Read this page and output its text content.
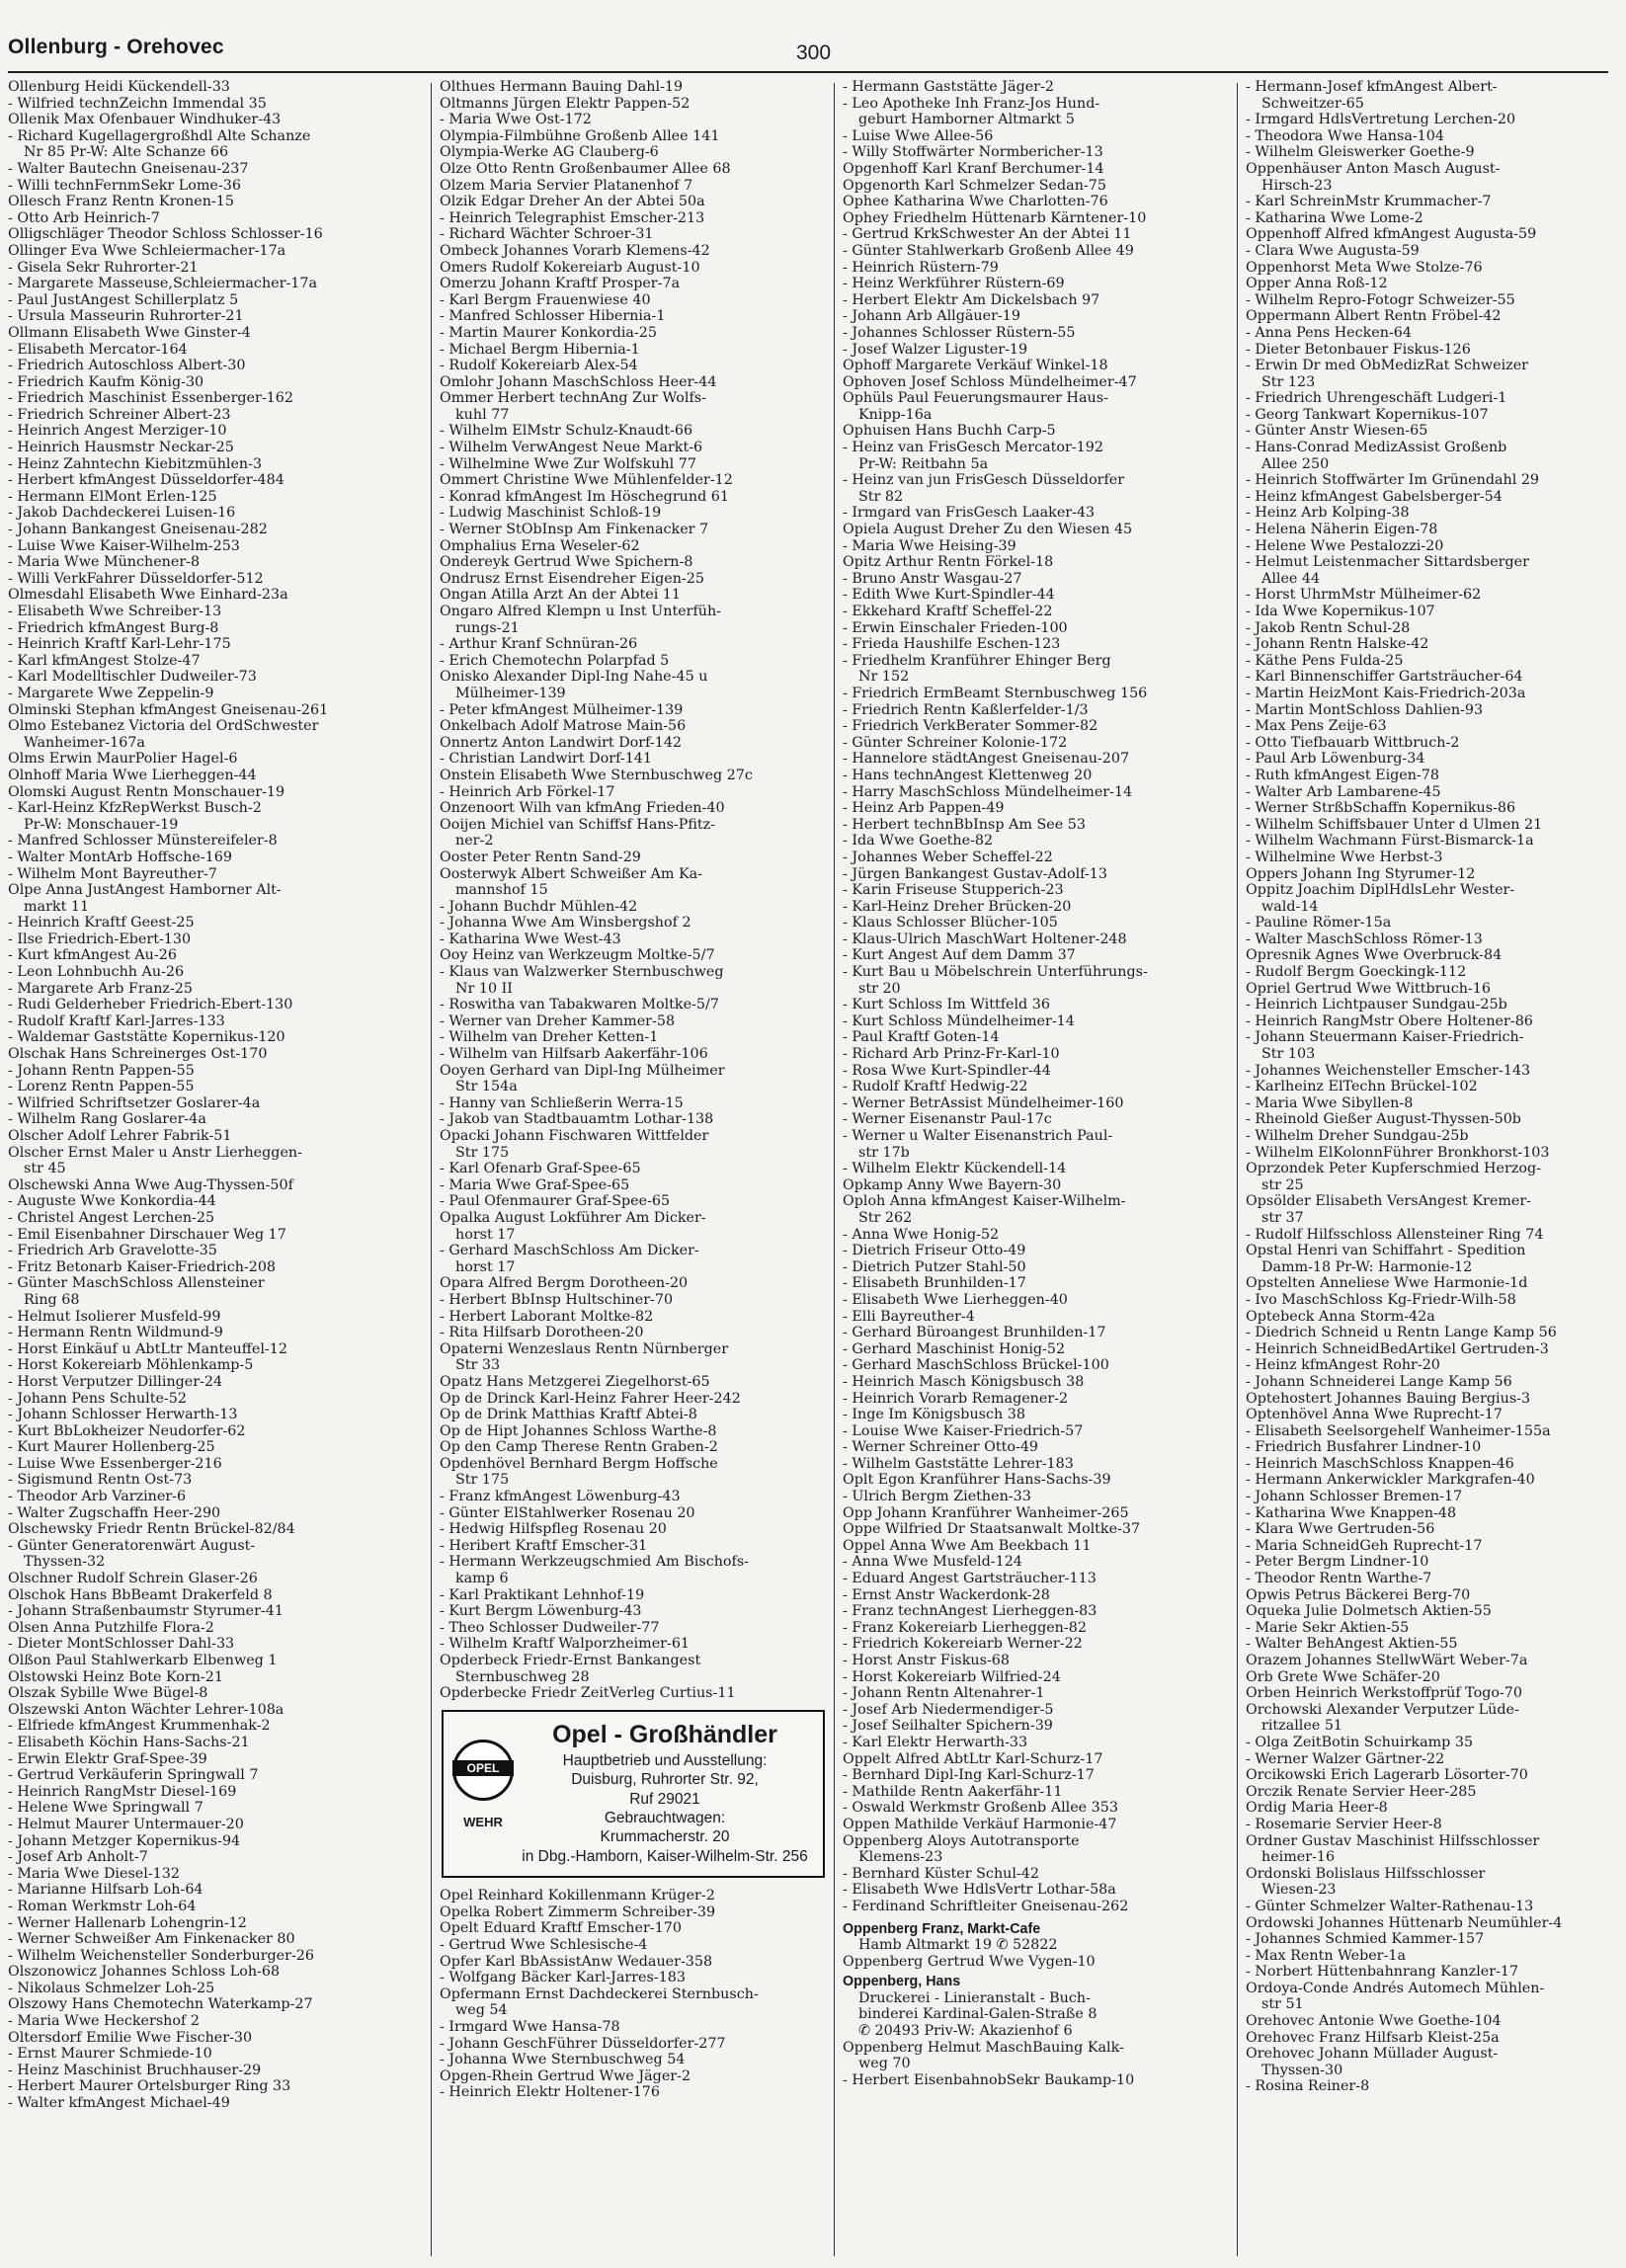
Ollenburg - Orehovec	300
Ollenburg Heidi Kückendell-33
- Wilfried technZeichn Immendal 35
Ollenik Max Ofenbauer Windhuker-43
- Richard Kugellagergroßhdl Alte Schanze
Nr 85 Pr-W: Alte Schanze 66
- Walter Bautechn Gneisenau-237
- Willi technFernmSekr Lome-36
Ollesch Franz Rentn Kronen-15
- Otto Arb Heinrich-7
Olligschläger Theodor Schloss Schlosser-16
Ollinger Eva Wwe Schleiermacher-17a
- Gisela Sekr Ruhrorter-21
- Margarete Masseuse,Schleiermacher-17a
- Paul JustAngest Schillerplatz 5
- Ursula Masseurin Ruhrorter-21
Ollmann Elisabeth Wwe Ginster-4
- Elisabeth Mercator-164
- Friedrich Autoschloss Albert-30
- Friedrich Kaufm König-30
- Friedrich Maschinist Essenberger-162
- Friedrich Schreiner Albert-23
- Heinrich Angest Merziger-10
- Heinrich Hausmstr Neckar-25
- Heinz Zahntechn Kiebitzmühlen-3
- Herbert kfmAngest Düsseldorfer-484
- Hermann ElMont Erlen-125
- Jakob Dachdeckerei Luisen-16
- Johann Bankangest Gneisenau-282
- Luise Wwe Kaiser-Wilhelm-253
- Maria Wwe Münchener-8
- Willi VerkFahrer Düsseldorfer-512
Olmesdahl Elisabeth Wwe Einhard-23a
- Elisabeth Wwe Schreiber-13
- Friedrich kfmAngest Burg-8
- Heinrich Kraftf Karl-Lehr-175
- Karl kfmAngest Stolze-47
- Karl Modelltischler Dudweiler-73
- Margarete Wwe Zeppelin-9
Olminski Stephan kfmAngest Gneisenau-261
Olmo Estebanez Victoria del OrdSchwester
Wanheimer-167a
Olms Erwin MaurPolier Hagel-6
Olnhoff Maria Wwe Lierheggen-44
Olomski August Rentn Monschauer-19
- Karl-Heinz KfzRepWerkst Busch-2
Pr-W: Monschauer-19
- Manfred Schlosser Münstereifeler-8
- Walter MontArb Hoffsche-169
- Wilhelm Mont Bayreuther-7
Olpe Anna JustAngest Hamborner Alt-
markt 11
- Heinrich Kraftf Geest-25
- Ilse Friedrich-Ebert-130
- Kurt kfmAngest Au-26
- Leon Lohnbuchh Au-26
- Margarete Arb Franz-25
- Rudi Gelderheber Friedrich-Ebert-130
- Rudolf Kraftf Karl-Jarres-133
- Waldemar Gaststätte Kopernikus-120
Olschak Hans Schreinerges Ost-170
- Johann Rentn Pappen-55
- Lorenz Rentn Pappen-55
- Wilfried Schriftsetzer Goslarer-4a
- Wilhelm Rang Goslarer-4a
Olscher Adolf Lehrer Fabrik-51
Olscher Ernst Maler u Anstr Lierheggen-
str 45
Olschewski Anna Wwe Aug-Thyssen-50f
- Auguste Wwe Konkordia-44
- Christel Angest Lerchen-25
- Emil Eisenbahner Dirschauer Weg 17
- Friedrich Arb Gravelotte-35
- Fritz Betonarb Kaiser-Friedrich-208
- Günter MaschSchloss Allensteiner
Ring 68
- Helmut Isolierer Musfeld-99
- Hermann Rentn Wildmund-9
- Horst Einkäuf u AbtLtr Manteuffel-12
- Horst Kokereiarb Möhlenkamp-5
- Horst Verputzer Dillinger-24
- Johann Pens Schulte-52
- Johann Schlosser Herwarth-13
- Kurt BbLokheizer Neudorfer-62
- Kurt Maurer Hollenberg-25
- Luise Wwe Essenberger-216
- Sigismund Rentn Ost-73
- Theodor Arb Varziner-6
- Walter Zugschaffn Heer-290
Olschewsky Friedr Rentn Brückel-82/84
- Günter Generatorenwärt August-
Thyssen-32
Olschner Rudolf Schrein Glaser-26
Olschok Hans BbBeamt Drakerfeld 8
- Johann Straßenbaumstr Styrumer-41
Olsen Anna Putzhilfe Flora-2
- Dieter MontSchlosser Dahl-33
Olßon Paul Stahlwerkarb Elbenweg 1
Olstowski Heinz Bote Korn-21
Olszak Sybille Wwe Bügel-8
Olszewski Anton Wächter Lehrer-108a
- Elfriede kfmAngest Krummenhak-2
- Elisabeth Köchin Hans-Sachs-21
- Erwin Elektr Graf-Spee-39
- Gertrud Verkäuferin Springwall 7
- Heinrich RangMstr Diesel-169
- Helene Wwe Springwall 7
- Helmut Maurer Untermauer-20
- Johann Metzger Kopernikus-94
- Josef Arb Anholt-7
- Maria Wwe Diesel-132
- Marianne Hilfsarb Loh-64
- Roman Werkmstr Loh-64
- Werner Hallenarb Lohengrin-12
- Werner Schweißer Am Finkenacker 80
- Wilhelm Weichensteller Sonderburger-26
Olszonowicz Johannes Schloss Loh-68
- Nikolaus Schmelzer Loh-25
Olszowy Hans Chemotechn Waterkamp-27
- Maria Wwe Heckershof 2
Oltersdorf Emilie Wwe Fischer-30
- Ernst Maurer Schmiede-10
- Heinz Maschinist Bruchhauser-29
- Herbert Maurer Ortelsburger Ring 33
- Walter kfmAngest Michael-49
Olthues Hermann Bauing Dahl-19
Oltmanns Jürgen Elektr Pappen-52
- Maria Wwe Ost-172
Olympia-Filmbühne Großenb Allee 141
Olympia-Werke AG Clauberg-6
Olze Otto Rentn Großenbaumer Allee 68
Olzem Maria Servier Platanenhof 7
Olzik Edgar Dreher An der Abtei 50a
- Heinrich Telegraphist Emscher-213
- Richard Wächter Schroer-31
Ombeck Johannes Vorarb Klemens-42
Omers Rudolf Kokereiarb August-10
Omerzu Johann Kraftf Prosper-7a
- Karl Bergm Frauenwiese 40
- Manfred Schlosser Hibernia-1
- Martin Maurer Konkordia-25
- Michael Bergm Hibernia-1
- Rudolf Kokereiarb Alex-54
Omlohr Johann MaschSchloss Heer-44
Ommer Herbert technAng Zur Wolfs-
kuhl 77
- Wilhelm ElMstr Schulz-Knaudt-66
- Wilhelm VerwAngest Neue Markt-6
- Wilhelmine Wwe Zur Wolfskuhl 77
Ommert Christine Wwe Mühlenfelder-12
- Konrad kfmAngest Im Höschegrund 61
- Ludwig Maschinist Schloß-19
- Werner StObInsp Am Finkenacker 7
Omphalius Erna Weseler-62
Ondereyk Gertrud Wwe Spichern-8
Ondrusz Ernst Eisendreher Eigen-25
Ongan Atilla Arzt An der Abtei 11
Ongaro Alfred Klempn u Inst Unterfüh-
rungs-21
- Arthur Kranf Schnüran-26
- Erich Chemotechn Polarpfad 5
Onisko Alexander Dipl-Ing Nahe-45 u
Mülheimer-139
- Peter kfmAngest Mülheimer-139
Onkelbach Adolf Matrose Main-56
Onnertz Anton Landwirt Dorf-142
- Christian Landwirt Dorf-141
Onstein Elisabeth Wwe Sternbuschweg 27c
- Heinrich Arb Förkel-17
Onzenoort Wilh van kfmAng Frieden-40
Ooijen Michiel van Schiffsf Hans-Pfitz-
ner-2
Ooster Peter Rentn Sand-29
Oosterwyk Albert Schweißer Am Ka-
mannshof 15
- Johann Buchdr Mühlen-42
- Johanna Wwe Am Winsbergshof 2
- Katharina Wwe West-43
Ooy Heinz van Werkzeugm Moltke-5/7
- Klaus van Walzwerker Sternbuschweg
Nr 10 II
- Roswitha van Tabakwaren Moltke-5/7
- Werner van Dreher Kammer-58
- Wilhelm van Dreher Ketten-1
- Wilhelm van Hilfsarb Aakerfähr-106
Ooyen Gerhard van Dipl-Ing Mülheimer
Str 154a
- Hanny van Schließerin Werra-15
- Jakob van Stadtbauamtm Lothar-138
Opacki Johann Fischwaren Wittfelder
Str 175
- Karl Ofenarb Graf-Spee-65
- Maria Wwe Graf-Spee-65
- Paul Ofenmaurer Graf-Spee-65
Opalka August Lokführer Am Dicker-
horst 17
- Gerhard MaschSchloss Am Dicker-
horst 17
Opara Alfred Bergm Dorotheen-20
- Herbert BbInsp Hultschiner-70
- Herbert Laborant Moltke-82
- Rita Hilfsarb Dorotheen-20
Opaterni Wenzeslaus Rentn Nürnberger
Str 33
Opatz Hans Metzgerei Ziegelhorst-65
Op de Drinck Karl-Heinz Fahrer Heer-242
Op de Drink Matthias Kraftf Abtei-8
Op de Hipt Johannes Schloss Warthe-8
Op den Camp Therese Rentn Graben-2
Opdenhövel Bernhard Bergm Hoffsche
Str 175
- Franz kfmAngest Löwenburg-43
- Günter ElStahlwerker Rosenau 20
- Hedwig Hilfspfleg Rosenau 20
- Heribert Kraftf Emscher-31
- Hermann Werkzeugschmied Am Bischofs-
kamp 6
- Karl Praktikant Lehnhof-19
- Kurt Bergm Löwenburg-43
- Theo Schlosser Dudweiler-77
- Wilhelm Kraftf Walporzheimer-61
Opderbeck Friedr-Ernst Bankangest
Sternbuschweg 28
Opderbecke Friedr ZeitVerleg Curtius-11
OPEL
WEHR
Opel - Großhändler
Hauptbetrieb und Ausstellung:
Duisburg, Ruhrorter Str. 92,
Ruf 29021
Gebrauchtwagen:
Krummacherstr. 20
in Dbg.-Hamborn, Kaiser-Wilhelm-Str. 256
Opel Reinhard Kokillenmann Krüger-2
Opelka Robert Zimmerm Schreiber-39
Opelt Eduard Kraftf Emscher-170
- Gertrud Wwe Schlesische-4
Opfer Karl BbAssistAnw Wedauer-358
- Wolfgang Bäcker Karl-Jarres-183
Opfermann Ernst Dachdeckerei Sternbusch-
weg 54
- Irmgard Wwe Hansa-78
- Johann GeschFührer Düsseldorfer-277
- Johanna Wwe Sternbuschweg 54
Opgen-Rhein Gertrud Wwe Jäger-2
- Heinrich Elektr Holtener-176
- Hermann Gaststätte Jäger-2
- Leo Apotheke Inh Franz-Jos Hund-
geburt Hamborner Altmarkt 5
- Luise Wwe Allee-56
- Willy Stoffwärter Normbericher-13
Opgenhoff Karl Kranf Berchumer-14
Opgenorth Karl Schmelzer Sedan-75
Ophee Katharina Wwe Charlotten-76
Ophey Friedhelm Hüttenarb Kärntener-10
- Gertrud KrkSchwester An der Abtei 11
- Günter Stahlwerkarb Großenb Allee 49
- Heinrich Rüstern-79
- Heinz Werkführer Rüstern-69
- Herbert Elektr Am Dickelsbach 97
- Johann Arb Allgäuer-19
- Johannes Schlosser Rüstern-55
- Josef Walzer Liguster-19
Ophoff Margarete Verkäuf Winkel-18
Ophoven Josef Schloss Mündelheimer-47
Ophüls Paul Feuerungsmaurer Haus-
Knipp-16a
Ophuisen Hans Buchh Carp-5
- Heinz van FrisGesch Mercator-192
Pr-W: Reitbahn 5a
- Heinz van jun FrisGesch Düsseldorfer
Str 82
- Irmgard van FrisGesch Laaker-43
Opiela August Dreher Zu den Wiesen 45
- Maria Wwe Heising-39
Opitz Arthur Rentn Förkel-18
- Bruno Anstr Wasgau-27
- Edith Wwe Kurt-Spindler-44
- Ekkehard Kraftf Scheffel-22
- Erwin Einschaler Frieden-100
- Frieda Haushilfe Eschen-123
- Friedhelm Kranführer Ehinger Berg
Nr 152
- Friedrich ErmBeamt Sternbuschweg 156
- Friedrich Rentn Kaßlerfelder-1/3
- Friedrich VerkBerater Sommer-82
- Günter Schreiner Kolonie-172
- Hannelore städtAngest Gneisenau-207
- Hans technAngest Klettenweg 20
- Harry MaschSchloss Mündelheimer-14
- Heinz Arb Pappen-49
- Herbert technBbInsp Am See 53
- Ida Wwe Goethe-82
- Johannes Weber Scheffel-22
- Jürgen Bankangest Gustav-Adolf-13
- Karin Friseuse Stupperich-23
- Karl-Heinz Dreher Brücken-20
- Klaus Schlosser Blücher-105
- Klaus-Ulrich MaschWart Holtener-248
- Kurt Angest Auf dem Damm 37
- Kurt Bau u Möbelschrein Unterführungs-
str 20
- Kurt Schloss Im Wittfeld 36
- Kurt Schloss Mündelheimer-14
- Paul Kraftf Goten-14
- Richard Arb Prinz-Fr-Karl-10
- Rosa Wwe Kurt-Spindler-44
- Rudolf Kraftf Hedwig-22
- Werner BetrAssist Mündelheimer-160
- Werner Eisenanstr Paul-17c
- Werner u Walter Eisenanstrich Paul-
str 17b
- Wilhelm Elektr Kückendell-14
Opkamp Anny Wwe Bayern-30
Oploh Anna kfmAngest Kaiser-Wilhelm-
Str 262
- Anna Wwe Honig-52
- Dietrich Friseur Otto-49
- Dietrich Putzer Stahl-50
- Elisabeth Brunhilden-17
- Elisabeth Wwe Lierheggen-40
- Elli Bayreuther-4
- Gerhard Büroangest Brunhilden-17
- Gerhard Maschinist Honig-52
- Gerhard MaschSchloss Brückel-100
- Heinrich Masch Königsbusch 38
- Heinrich Vorarb Remagener-2
- Inge Im Königsbusch 38
- Louise Wwe Kaiser-Friedrich-57
- Werner Schreiner Otto-49
- Wilhelm Gaststätte Lehrer-183
Oplt Egon Kranführer Hans-Sachs-39
- Ulrich Bergm Ziethen-33
Opp Johann Kranführer Wanheimer-265
Oppe Wilfried Dr Staatsanwalt Moltke-37
Oppel Anna Wwe Am Beekbach 11
- Anna Wwe Musfeld-124
- Eduard Angest Gartsträucher-113
- Ernst Anstr Wackerdonk-28
- Franz technAngest Lierheggen-83
- Franz Kokereiarb Lierheggen-82
- Friedrich Kokereiarb Werner-22
- Horst Anstr Fiskus-68
- Horst Kokereiarb Wilfried-24
- Johann Rentn Altenahrer-1
- Josef Arb Niedermendiger-5
- Josef Seilhalter Spichern-39
- Karl Elektr Herwarth-33
Oppelt Alfred AbtLtr Karl-Schurz-17
- Bernhard Dipl-Ing Karl-Schurz-17
- Mathilde Rentn Aakerfähr-11
- Oswald Werkmstr Großenb Allee 353
Oppen Mathilde Verkäuf Harmonie-47
Oppenberg Aloys Autotransporte
Klemens-23
- Bernhard Küster Schul-42
- Elisabeth Wwe HdlsVertr Lothar-58a
- Ferdinand Schriftleiter Gneisenau-262
Oppenberg Franz, Markt-Cafe
Hamb Altmarkt 19 ✆ 52822
Oppenberg Gertrud Wwe Vygen-10
Oppenberg, Hans
Druckerei - Linieranstalt - Buch-
binderei Kardinal-Galen-Straße 8
✆ 20493 Priv-W: Akazienhof 6
Oppenberg Helmut MaschBauing Kalk-
weg 70
- Herbert EisenbahnobSekr Baukamp-10
- Hermann-Josef kfmAngest Albert-
Schweitzer-65
- Irmgard HdlsVertretung Lerchen-20
- Theodora Wwe Hansa-104
- Wilhelm Gleiswerker Goethe-9
Oppenhäuser Anton Masch August-
Hirsch-23
- Karl SchreinMstr Krummacher-7
- Katharina Wwe Lome-2
Oppenhoff Alfred kfmAngest Augusta-59
- Clara Wwe Augusta-59
Oppenhorst Meta Wwe Stolze-76
Opper Anna Roß-12
- Wilhelm Repro-Fotogr Schweizer-55
Oppermann Albert Rentn Fröbel-42
- Anna Pens Hecken-64
- Dieter Betonbauer Fiskus-126
- Erwin Dr med ObMedizRat Schweizer
Str 123
- Friedrich Uhrengeschäft Ludgeri-1
- Georg Tankwart Kopernikus-107
- Günter Anstr Wiesen-65
- Hans-Conrad MedizAssist Großenb
Allee 250
- Heinrich Stoffwärter Im Grünendahl 29
- Heinz kfmAngest Gabelsberger-54
- Heinz Arb Kolping-38
- Helena Näherin Eigen-78
- Helene Wwe Pestalozzi-20
- Helmut Leistenmacher Sittardsberger
Allee 44
- Horst UhrmMstr Mülheimer-62
- Ida Wwe Kopernikus-107
- Jakob Rentn Schul-28
- Johann Rentn Halske-42
- Käthe Pens Fulda-25
- Karl Binnenschiffer Gartsträucher-64
- Martin HeizMont Kais-Friedrich-203a
- Martin MontSchloss Dahlien-93
- Max Pens Zeije-63
- Otto Tiefbauarb Wittbruch-2
- Paul Arb Löwenburg-34
- Ruth kfmAngest Eigen-78
- Walter Arb Lambarene-45
- Werner StrßbSchaffn Kopernikus-86
- Wilhelm Schiffsbauer Unter d Ulmen 21
- Wilhelm Wachmann Fürst-Bismarck-1a
- Wilhelmine Wwe Herbst-3
Oppers Johann Ing Styrumer-12
Oppitz Joachim DiplHdlsLehr Wester-
wald-14
- Pauline Römer-15a
- Walter MaschSchloss Römer-13
Opresnik Agnes Wwe Overbruck-84
- Rudolf Bergm Goeckingk-112
Opriel Gertrud Wwe Wittbruch-16
- Heinrich Lichtpauser Sundgau-25b
- Heinrich RangMstr Obere Holtener-86
- Johann Steuermann Kaiser-Friedrich-
Str 103
- Johannes Weichensteller Emscher-143
- Karlheinz ElTechn Brückel-102
- Maria Wwe Sibyllen-8
- Rheinold Gießer August-Thyssen-50b
- Wilhelm Dreher Sundgau-25b
- Wilhelm ElKolonnFührer Bronkhorst-103
Oprzondek Peter Kupferschmied Herzog-
str 25
Opsölder Elisabeth VersAngest Kremer-
str 37
- Rudolf Hilfsschloss Allensteiner Ring 74
Opstal Henri van Schiffahrt - Spedition
Damm-18 Pr-W: Harmonie-12
Opstelten Anneliese Wwe Harmonie-1d
- Ivo MaschSchloss Kg-Friedr-Wilh-58
Optebeck Anna Storm-42a
- Diedrich Schneid u Rentn Lange Kamp 56
- Heinrich SchneidBedArtikel Gertruden-3
- Heinz kfmAngest Rohr-20
- Johann Schneiderei Lange Kamp 56
Optehostert Johannes Bauing Bergius-3
Optenhövel Anna Wwe Ruprecht-17
- Elisabeth Seelsorgehelf Wanheimer-155a
- Friedrich Busfahrer Lindner-10
- Heinrich MaschSchloss Knappen-46
- Hermann Ankerwickler Markgrafen-40
- Johann Schlosser Bremen-17
- Katharina Wwe Knappen-48
- Klara Wwe Gertruden-56
- Maria SchneidGeh Ruprecht-17
- Peter Bergm Lindner-10
- Theodor Rentn Warthe-7
Opwis Petrus Bäckerei Berg-70
Oqueka Julie Dolmetsch Aktien-55
- Marie Sekr Aktien-55
- Walter BehAngest Aktien-55
Orazem Johannes StellwWärt Weber-7a
Orb Grete Wwe Schäfer-20
Orben Heinrich Werkstoffprüf Togo-70
Orchowski Alexander Verputzer Lüde-
ritzallee 51
- Olga ZeitBotin Schuirkamp 35
- Werner Walzer Gärtner-22
Orcikowski Erich Lagerarb Lösorter-70
Orczik Renate Servier Heer-285
Ordig Maria Heer-8
- Rosemarie Servier Heer-8
Ordner Gustav Maschinist Hilfsschlosser
heimer-16
Ordonski Bolislaus Hilfsschlosser
Wiesen-23
- Günter Schmelzer Walter-Rathenau-13
Ordowski Johannes Hüttenarb Neumühler-4
- Johannes Schmied Kammer-157
- Max Rentn Weber-1a
- Norbert Hüttenbahnrang Kanzler-17
Ordoya-Conde Andrés Automech Mühlen-
str 51
Orehovec Antonie Wwe Goethe-104
Orehovec Franz Hilfsarb Kleist-25a
Orehovec Johann Müllader August-
Thyssen-30
- Rosina Reiner-8
